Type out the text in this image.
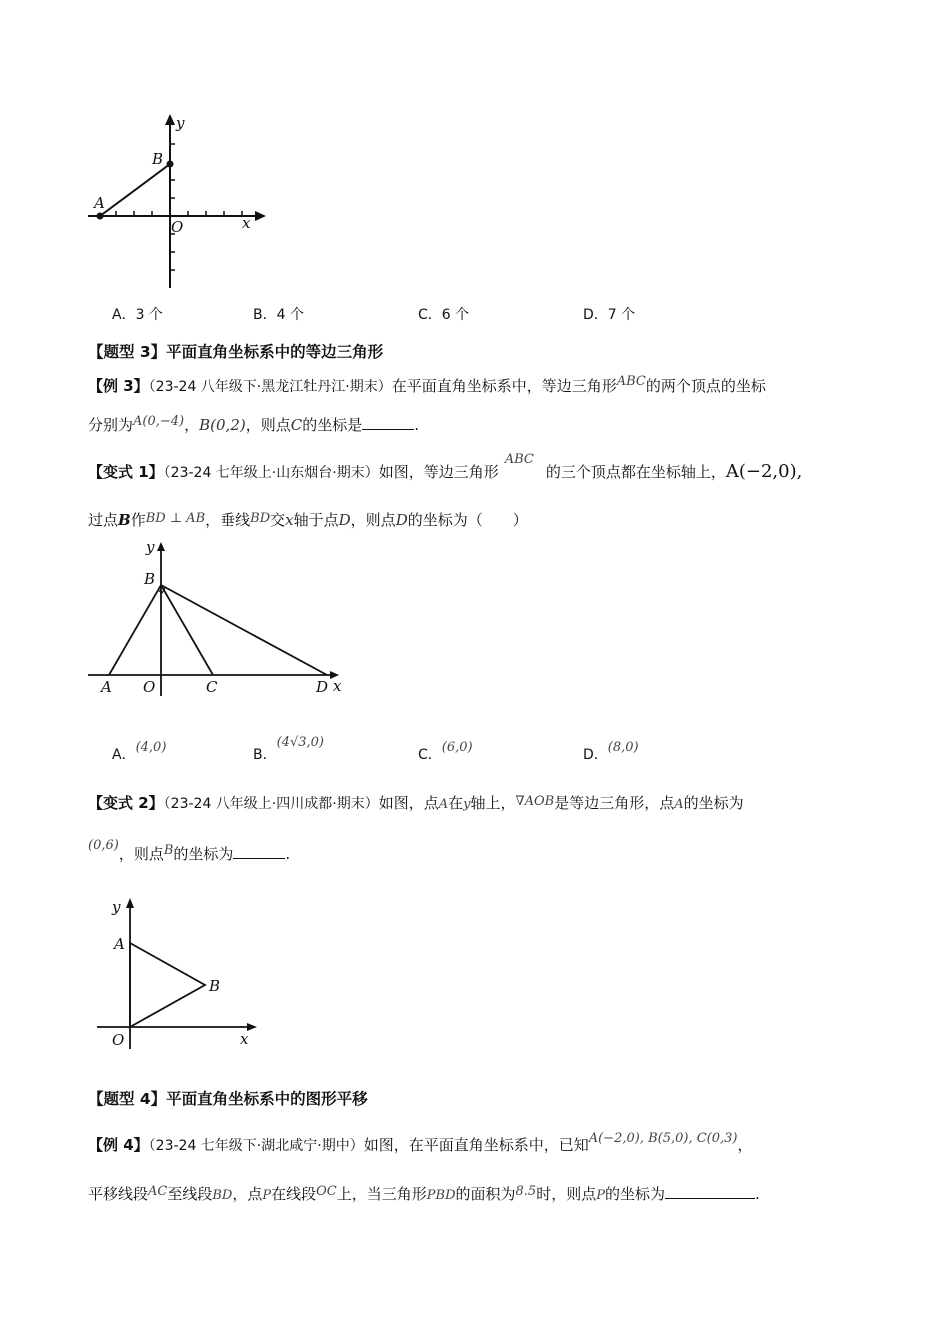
y
x
O
A
B
A．3 个	B．4 个	C．6 个	D．7 个
【题型 3】平面直角坐标系中的等边三角形
【例 3】（23-24 八年级下·黑龙江牡丹江·期末）在平面直角坐标系中，等边三角形ABC的两个顶点的坐标
分别为A(0,−4)，B(0,2)，则点C的坐标是	.
【变式 1】（23-24 七年级上·山东烟台·期末）如图，等边三角形ABC的三个顶点都在坐标轴上，A(−2,0),
过点B作BD ⊥ AB，垂线BD交x轴于点D，则点D的坐标为（　　）
y
x
O
A
B
C	D
A．(4,0)	B．(4√3,0)
C．(6,0)	D．(8,0)
【变式 2】（23-24 八年级上·四川成都·期末）如图，点A在y轴上，∇AOB是等边三角形，点A的坐标为
(0,6)，则点B的坐标为	.
y
x
O
A
B
【题型 4】平面直角坐标系中的图形平移
【例 4】（23-24 七年级下·湖北咸宁·期中）如图，在平面直角坐标系中，已知A(−2,0), B(5,0), C(0,3)，
平移线段AC至线段BD，点P在线段OC上，当三角形PBD的面积为8.5时，则点P的坐标为	.
